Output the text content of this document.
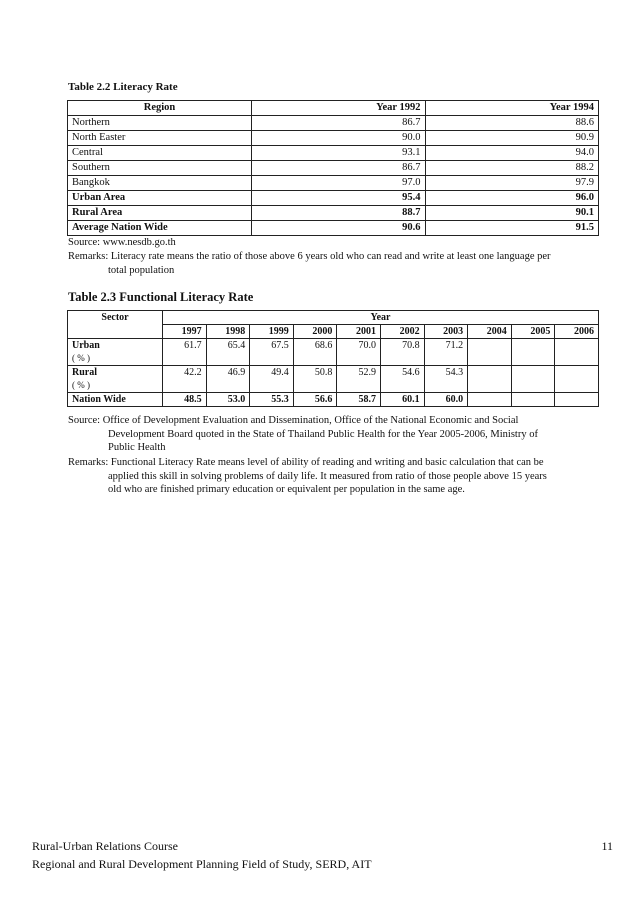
Table 2.2 Literacy Rate
Region	Year 1992	Year 1994
Northern	86.7	88.6
North Easter	90.0	90.9
Central	93.1	94.0
Southern	86.7	88.2
Bangkok	97.0	97.9
Urban Area	95.4	96.0
Rural Area	88.7	90.1
Average Nation Wide	90.6	91.5
Source: www.nesdb.go.th
Remarks: Literacy rate means the ratio of those above 6 years old who can read and write at least one language per
total population
Table 2.3 Functional Literacy Rate
Sector	Year									
	1997	1998	1999	2000	2001	2002	2003	2004	2005	2006
Urban
( % )	61.7	65.4	67.5	68.6	70.0	70.8	71.2			
Rural
( % )	42.2	46.9	49.4	50.8	52.9	54.6	54.3			
Nation Wide	48.5	53.0	55.3	56.6	58.7	60.1	60.0			
Source: Office of Development Evaluation and Dissemination, Office of the National Economic and Social
Development Board quoted in the State of Thailand Public Health for the Year 2005-2006, Ministry of
Public Health
Remarks: Functional Literacy Rate means level of ability of reading and writing and basic calculation that can be
applied this skill in solving problems of daily life. It measured from ratio of those people above 15 years
old who are finished primary education or equivalent per population in the same age.
Rural-Urban Relations Course
Regional and Rural Development Planning Field of Study, SERD, AIT
11
